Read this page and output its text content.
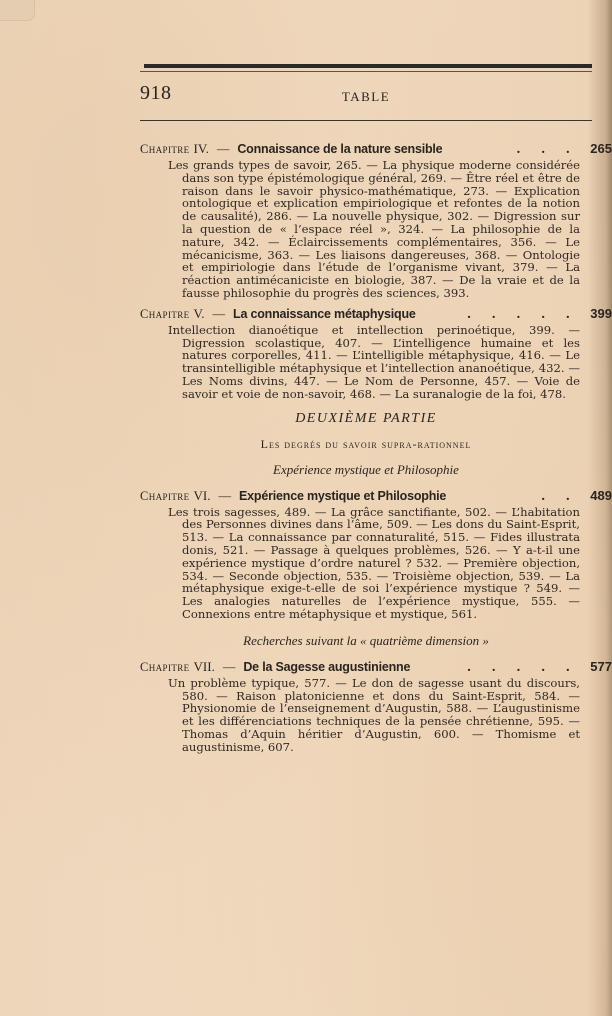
918	TABLE
Chapitre IV. — Connaissance de la nature sensible	. . . 265
Les grands types de savoir, 265. — La physique moderne considérée dans son type épistémologique général, 269. — Être réel et être de raison dans le savoir physico-mathématique, 273. — Explication ontologique et explication empiriologique et refontes de la notion de causalité), 286. — La nouvelle physique, 302. — Digression sur la question de « l’espace réel », 324. — La philosophie de la nature, 342. — Éclaircissements complémentaires, 356. — Le mécanicisme, 363. — Les liaisons dangereuses, 368. — Ontologie et empiriologie dans l’étude de l’organisme vivant, 379. — La réaction antimécaniciste en biologie, 387. — De la vraie et de la fausse philosophie du progrès des sciences, 393.
Chapitre V. — La connaissance métaphysique	. . . . . 399
Intellection dianoétique et intellection perinoétique, 399. — Digression scolastique, 407. — L’intelligence humaine et les natures corporelles, 411. — L’intelligible métaphysique, 416. — Le transintelligible métaphysique et l’intellection ananoétique, 432. — Les Noms divins, 447. — Le Nom de Personne, 457. — Voie de savoir et voie de non-savoir, 468. — La suranalogie de la foi, 478.
DEUXIÈME PARTIE
Les degrés du savoir supra-rationnel
Expérience mystique et Philosophie
Chapitre VI. — Expérience mystique et Philosophie	. . 489
Les trois sagesses, 489. — La grâce sanctifiante, 502. — L’habitation des Personnes divines dans l’âme, 509. — Les dons du Saint-Esprit, 513. — La connaissance par connaturalité, 515. — Fides illustrata donis, 521. — Passage à quelques problèmes, 526. — Y a-t-il une expérience mystique d’ordre naturel ? 532. — Première objection, 534. — Seconde objection, 535. — Troisième objection, 539. — La métaphysique exige-t-elle de soi l’expérience mystique ? 549. — Les analogies naturelles de l’expérience mystique, 555. — Connexions entre métaphysique et mystique, 561.
Recherches suivant la « quatrième dimension »
Chapitre VII. — De la Sagesse augustinienne	. . . . . 577
Un problème typique, 577. — Le don de sagesse usant du discours, 580. — Raison platonicienne et dons du Saint-Esprit, 584. — Physionomie de l’enseignement d’Augustin, 588. — L’augustinisme et les différenciations techniques de la pensée chrétienne, 595. — Thomas d’Aquin héritier d’Augustin, 600. — Thomisme et augustinisme, 607.
